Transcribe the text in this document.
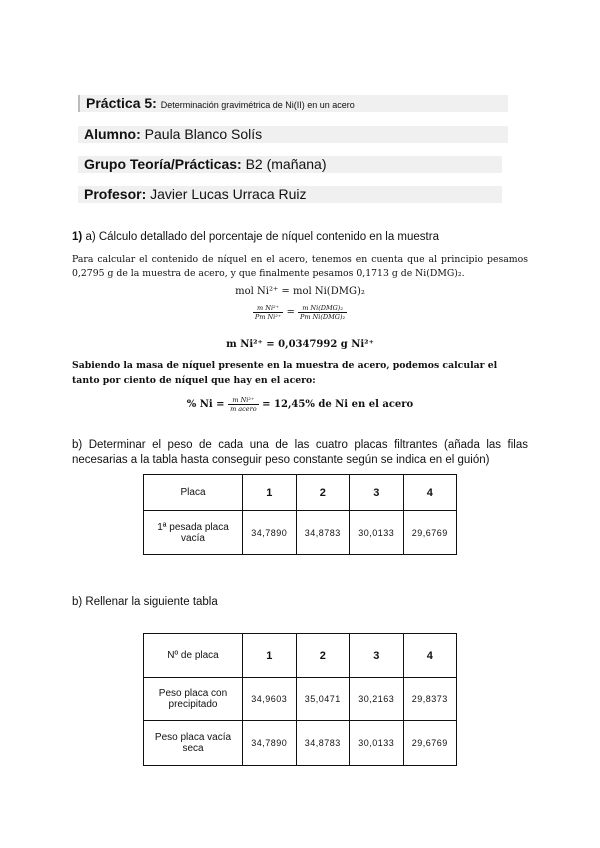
Práctica 5: Determinación gravimétrica de Ni(II) en un acero
Alumno: Paula Blanco Solís
Grupo Teoría/Prácticas: B2 (mañana)
Profesor: Javier Lucas Urraca Ruiz
1) a) Cálculo detallado del porcentaje de níquel contenido en la muestra
Para calcular el contenido de níquel en el acero, tenemos en cuenta que al principio pesamos 0,2795 g de la muestra de acero, y que finalmente pesamos 0,1713 g de Ni(DMG)₂.
mol Ni²⁺ = mol Ni(DMG)₂
$\frac{\text{m Ni²⁺}}{\text{Pm Ni²⁺}} = \frac{\text{m Ni(DMG)₂}}{\text{Pm Ni(DMG)₂}}$
m Ni²⁺ = 0,0347992 g Ni²⁺
Sabiendo la masa de níquel presente en la muestra de acero, podemos calcular el tanto por ciento de níquel que hay en el acero:
% $Ni = \frac{\text{m Ni²⁺}}{\text{m acero}} = 12,45\%$ de Ni en el acero
b) Determinar el peso de cada una de las cuatro placas filtrantes (añada las filas necesarias a la tabla hasta conseguir peso constante según se indica en el guión)
Placa	1	2	3	4
1ª pesada placa vacía	34,7890	34,8783	30,0133	29,6769
b) Rellenar la siguiente tabla
Nº de placa	1	2	3	4
Peso placa con precipitado	34,9603	35,0471	30,2163	29,8373
Peso placa vacía seca	34,7890	34,8783	30,0133	29,6769
